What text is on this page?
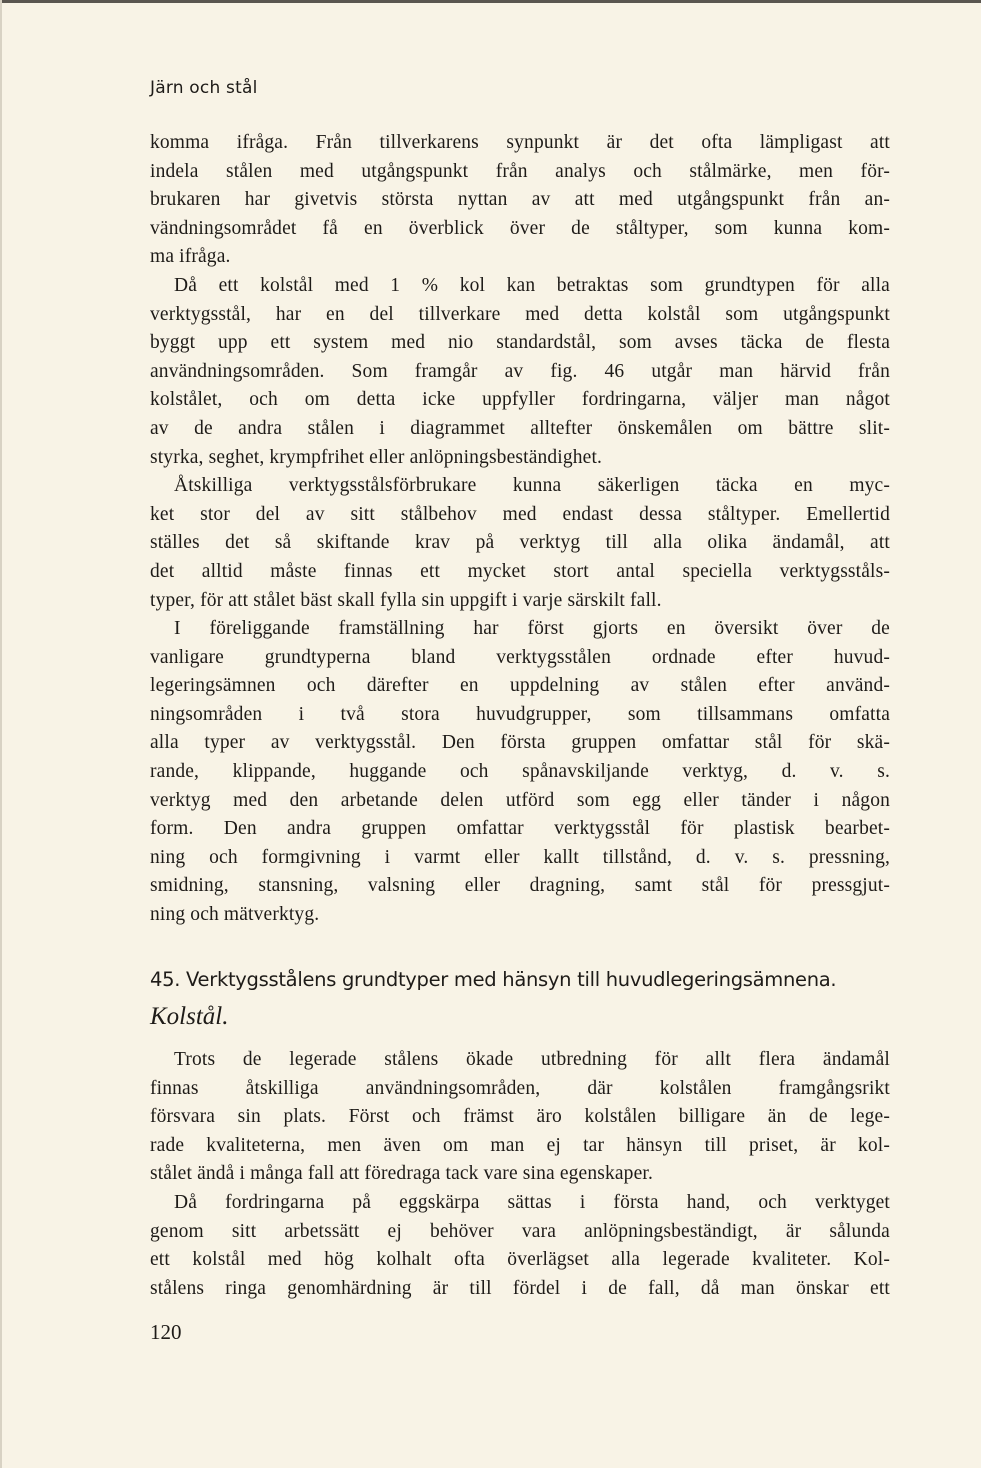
Järn och stål
komma ifråga. Från tillverkarens synpunkt är det ofta lämpligast att
indela stålen med utgångspunkt från analys och stålmärke, men för-
brukaren har givetvis största nyttan av att med utgångspunkt från an-
vändningsområdet få en överblick över de ståltyper, som kunna kom-
ma ifråga.
Då ett kolstål med 1 % kol kan betraktas som grundtypen för alla
verktygsstål, har en del tillverkare med detta kolstål som utgångspunkt
byggt upp ett system med nio standardstål, som avses täcka de flesta
användningsområden. Som framgår av fig. 46 utgår man härvid från
kolstålet, och om detta icke uppfyller fordringarna, väljer man något
av de andra stålen i diagrammet alltefter önskemålen om bättre slit-
styrka, seghet, krympfrihet eller anlöpningsbeständighet.
Åtskilliga verktygsstålsförbrukare kunna säkerligen täcka en myc-
ket stor del av sitt stålbehov med endast dessa ståltyper. Emellertid
ställes det så skiftande krav på verktyg till alla olika ändamål, att
det alltid måste finnas ett mycket stort antal speciella verktygsståls-
typer, för att stålet bäst skall fylla sin uppgift i varje särskilt fall.
I föreliggande framställning har först gjorts en översikt över de
vanligare grundtyperna bland verktygsstålen ordnade efter huvud-
legeringsämnen och därefter en uppdelning av stålen efter använd-
ningsområden i två stora huvudgrupper, som tillsammans omfatta
alla typer av verktygsstål. Den första gruppen omfattar stål för skä-
rande, klippande, huggande och spånavskiljande verktyg, d. v. s.
verktyg med den arbetande delen utförd som egg eller tänder i någon
form. Den andra gruppen omfattar verktygsstål för plastisk bearbet-
ning och formgivning i varmt eller kallt tillstånd, d. v. s. pressning,
smidning, stansning, valsning eller dragning, samt stål för pressgjut-
ning och mätverktyg.
45. Verktygsstålens grundtyper med hänsyn till huvudlegeringsämnena.
Kolstål.
Trots de legerade stålens ökade utbredning för allt flera ändamål
finnas åtskilliga användningsområden, där kolstålen framgångsrikt
försvara sin plats. Först och främst äro kolstålen billigare än de lege-
rade kvaliteterna, men även om man ej tar hänsyn till priset, är kol-
stålet ändå i många fall att föredraga tack vare sina egenskaper.
Då fordringarna på eggskärpa sättas i första hand, och verktyget
genom sitt arbetssätt ej behöver vara anlöpningsbeständigt, är sålunda
ett kolstål med hög kolhalt ofta överlägset alla legerade kvaliteter. Kol-
stålens ringa genomhärdning är till fördel i de fall, då man önskar ett
120
